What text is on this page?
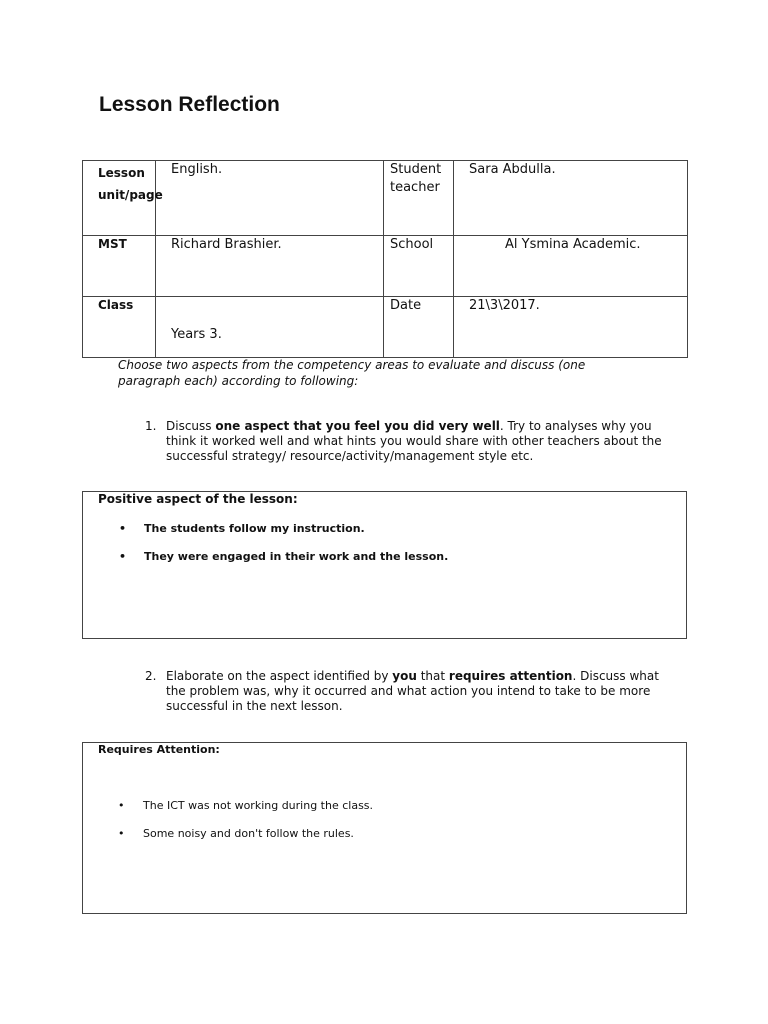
Lesson Reflection
Lesson unit/page	English.	Student teacher	Sara Abdulla.
MST	Richard Brashier.	School	Al Ysmina Academic.
Class	Years 3.	Date	21\3\2017.
Choose two aspects from the competency areas to evaluate and discuss (one paragraph each) according to following:
1. Discuss one aspect that you feel you did very well. Try to analyses why you think it worked well and what hints you would share with other teachers about the successful strategy/ resource/activity/management style etc.
Positive aspect of the lesson:
• The students follow my instruction.
• They were engaged in their work and the lesson.
2. Elaborate on the aspect identified by you that requires attention. Discuss what the problem was, why it occurred and what action you intend to take to be more successful in the next lesson.
Requires Attention:
• The ICT was not working during the class.
• Some noisy and don't follow the rules.
